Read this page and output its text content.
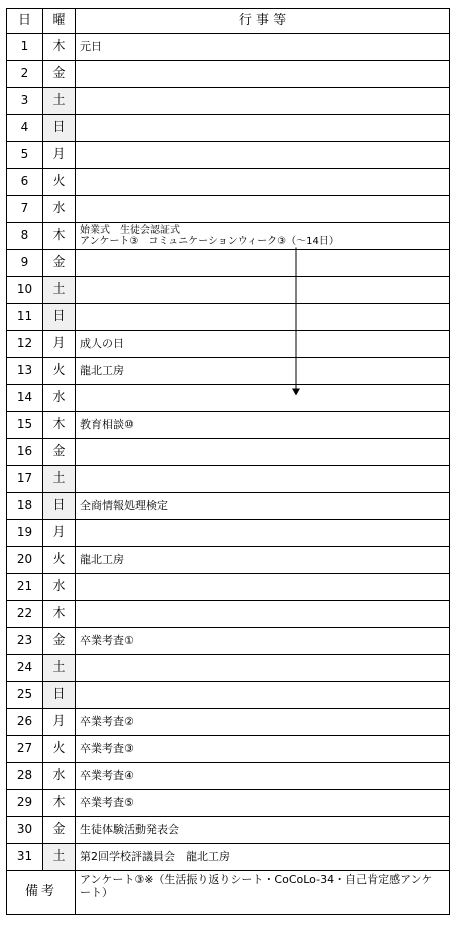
日	曜	行 事 等
1	木	元日

2	金	
3	土	
4	日	
5	月	
6	火	
7	水	
8	木	始業式　生徒会認証式
アンケート③　コミュニケーションウィーク③（～14日）

9	金	
10	土	
11	日	
12	月	成人の日

13	火	龍北工房

14	水	
15	木	教育相談⑩

16	金	
17	土	
18	日	全商情報処理検定

19	月	
20	火	龍北工房

21	水	
22	木	
23	金	卒業考査①

24	土	
25	日	
26	月	卒業考査②

27	火	卒業考査③

28	水	卒業考査④

29	木	卒業考査⑤

30	金	生徒体験活動発表会

31	土	第2回学校評議員会　龍北工房

備考		アンケート③※（生活振り返りシート・CoCoLo-34・自己肯定感アンケート）
